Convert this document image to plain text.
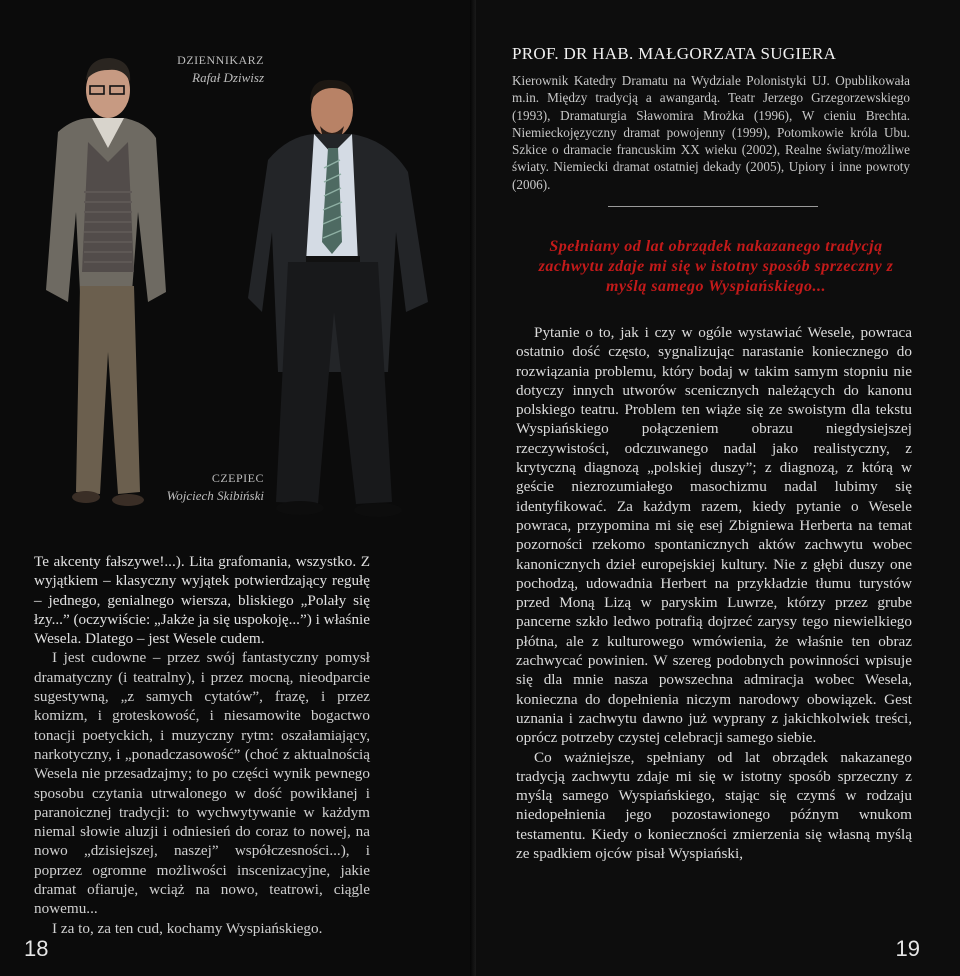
DZIENNIKARZ
Rafał Dziwisz
CZEPIEC
Wojciech Skibiński

Te akcenty fałszywe!...). Lita grafomania, wszystko. Z wyjątkiem – klasyczny wyjątek potwierdzający regułę – jednego, genialnego wiersza, bliskiego „Polały się łzy...” (oczywiście: „Jakże ja się uspokoję...”) i właśnie Wesela. Dlatego – jest Wesele cudem.

I jest cudowne – przez swój fantastyczny pomysł dramatyczny (i teatralny), i przez mocną, nieodparcie sugestywną, „z samych cytatów”, frazę, i przez komizm, i groteskowość, i niesamowite bogactwo tonacji poetyckich, i muzyczny rytm: oszałamiający, narkotyczny, i „ponadczasowość” (choć z aktualnością Wesela nie przesadzajmy; to po części wynik pewnego sposobu czytania utrwalonego w dość powikłanej i paranoicznej tradycji: to wychwytywanie w każdym niemal słowie aluzji i odniesień do coraz to nowej, na nowo „dzisiejszej, naszej” współczesności...), i poprzez ogromne możliwości inscenizacyjne, jakie dramat ofiaruje, wciąż na nowo, teatrowi, ciągle nowemu...

I za to, za ten cud, kochamy Wyspiańskiego.

18
PROF. DR HAB. MAŁGORZATA SUGIERA
Kierownik Katedry Dramatu na Wydziale Polonistyki UJ. Opublikowała m.in. Między tradycją a awangardą. Teatr Jerzego Grzegorzewskiego (1993), Dramaturgia Sławomira Mrożka (1996), W cieniu Brechta. Niemieckojęzyczny dramat powojenny (1999), Potomkowie króla Ubu. Szkice o dramacie francuskim XX wieku (2002), Realne światy/możliwe światy. Niemiecki dramat ostatniej dekady (2005), Upiory i inne powroty (2006).
Spełniany od lat obrządek nakazanego tradycją zachwytu zdaje mi się w istotny sposób sprzeczny z myślą samego Wyspiańskiego...

Pytanie o to, jak i czy w ogóle wystawiać Wesele, powraca ostatnio dość często, sygnalizując narastanie koniecznego do rozwiązania problemu, który bodaj w takim samym stopniu nie dotyczy innych utworów scenicznych należących do kanonu polskiego teatru. Problem ten wiąże się ze swoistym dla tekstu Wyspiańskiego połączeniem obrazu niegdysiejszej rzeczywistości, odczuwanego nadal jako realistyczny, z krytyczną diagnozą „polskiej duszy”; z diagnozą, z którą w geście niezrozumiałego masochizmu nadal lubimy się identyfikować. Za każdym razem, kiedy pytanie o Wesele powraca, przypomina mi się esej Zbigniewa Herberta na temat pozorności rzekomo spontanicznych aktów zachwytu wobec kanonicznych dzieł europejskiej kultury. Nie z głębi duszy one pochodzą, udowadnia Herbert na przykładzie tłumu turystów przed Moną Lizą w paryskim Luwrze, którzy przez grube pancerne szkło ledwo potrafią dojrzeć zarysy tego niewielkiego płótna, ale z kulturowego wmówienia, że właśnie ten obraz zachwycać powinien. W szereg podobnych powinności wpisuje się dla mnie nasza powszechna admiracja wobec Wesela, konieczna do dopełnienia niczym narodowy obowiązek. Gest uznania i zachwytu dawno już wyprany z jakichkolwiek treści, oprócz potrzeby czystej celebracji samego siebie.

Co ważniejsze, spełniany od lat obrządek nakazanego tradycją zachwytu zdaje mi się w istotny sposób sprzeczny z myślą samego Wyspiańskiego, stając się czymś w rodzaju niedopełnienia jego pozostawionego późnym wnukom testamentu. Kiedy o konieczności zmierzenia się własną myślą ze spadkiem ojców pisał Wyspiański,

19
